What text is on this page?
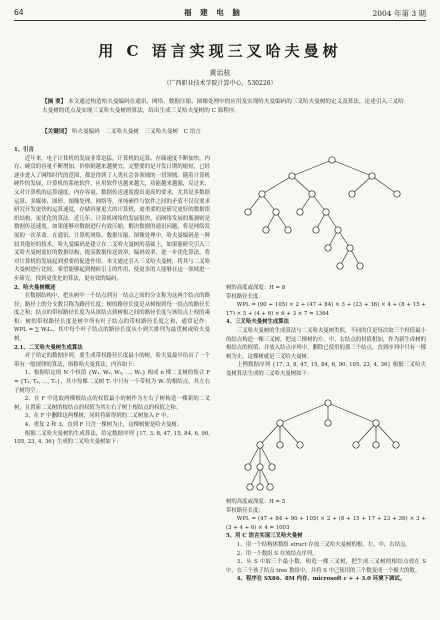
64	福 建 电 脑	2004 年第 3 期
用 C 语言实现三叉哈夫曼树
黄诒杭
（广西职业技术学院计算中心，530226）
【摘 要】 本文通过构造哈夫曼编码在通讯、网络、数据压缩、图像处理中的应用及实现哈夫曼编码的三叉哈夫曼树的定义及算法，论述引入三叉哈夫曼树的优点及实现三叉哈夫曼树的算法，给出生成三叉哈夫曼树的 C 源程序。
【关键词】 哈夫曼编码　二叉哈夫曼树　三叉哈夫曼树　C 语言

1、引言

近年来，电子计算机的发展非常迅猛，计算机的运算、存储速度不断加快，内存、硬盘的容量不断增加，价格则越来越便宜，完整要的是开发日期的缩短，已经逐步进入了网络时代的范围，都是得到了人类社会各领域的一切领域。随着计算机硬件的发展，计算机的系统软件、应用软件也越来越大，功能越来越强，反过来，又对计算机的运算速度、内存容量、数据传送速度提出更高的要求，尤其是多数据运算、多媒体、图形、图像处理、网络等，单纯硬件与软件之间的矛盾不仅仅要求研究开发更快的运算速度，存储容量更大的计算机，更重要的是研究更好的数据组织结构，更优化的算法。近几年，计算机网络的发展很快，而网络发展的瓶颈则是数据传送速度。如果能够对数据进行有效压缩，解决数据的通讯问题，将是网络发展的一次革命。在通讯、计算机网络、数据压缩、图像处理中，哈夫曼编码是一种较其他好的技术，哈夫曼编码是建立在二叉哈夫曼树的基础上，如果能研究引入三叉哈夫曼树更好的数据结构，提高数据传送效率，编码效率，进一步优化算法，将对计算机的发展起到重要的促进作用。本文通过引入三叉哈夫曼树，将其与二叉哈夫曼树进行比较，希望能够起到抛砖引玉的作用，使更多的人能够在这一领域进一步研究，找到更优化的算法，更有效的编码。

2、哈夫曼树概述

在数据结构中，把从树中一个结点到另一结点之间的分支称为这两个结点的路径；路径上的分支数目称为路径长度；树的路径长度是从树根到每一结点的路径长度之和；结点的带权路径长度为从该结点到树根之间的路径长度与该结点上权的乘积；树的带权路径长度是树中所有叶子结点的带权路径长度之和，通常记作：WPL = ∑ WᵢLᵢ，其中每个叶子结点的路径长度从小到大排列为最优树或哈夫曼树。

2.1、二叉哈夫曼树生成算法

对于给定的数据序列，要生成带权路径长度最小的树，哈夫曼最早给出了一个带有一般规律的算法，俗称哈夫曼算法，内容如下：

1、根据给定的 N 个权值 {W₁, W₂, W₃, …, Wₙ} 构成 n 棵二叉树的集合 F = {T₁, T₂, …, Tₙ}，其中每棵二叉树 Tᵢ 中只有一个带权为 Wᵢ 的根结点，其左右子树均空。

2、在 F 中选取两棵根结点的权值最小的树作为左右子树构造一棵新的二叉树，且置新二叉树的根结点的权值为其左右子树上根结点的权值之和。

3、在 F 中删除这两棵树，同时将新得到的二叉树加入 F 中。

4、重复 2 和 3，直到 F 只含一棵树为止，这棵树便是哈夫曼树。

根据二叉哈夫曼树的生成算法，给定数据序列 {17, 3, 8, 47, 15, 84, 6, 90, 105, 23, 4, 36} 生成的二叉哈夫曼树如下：

树的高度或深度：H = 8

带权路径长度：

WPL = (90 + 105) × 2 + (47 + 84) × 3 + (23 + 36) × 4 + (8 + 15 + 17) × 5 + (4 + 6) × 6 + 3 × 7 = 1364

4、三叉哈夫曼树生成算法

三叉哈夫曼树的生成算法与二叉哈夫曼树类似，不同的仅是每次取三个权值最小的结点构造一棵三叉树，把这三棵树的左、中、右结点的权值相加，作为新生成树的根结点的权值，并放入结点序列中，删除已使用的那三个结点，直到序列中只有一棵树为止，这棵树就是三叉哈夫曼树。

上例数据序列 {17, 3, 8, 47, 15, 84, 6, 90, 105, 23, 4, 36} 根据三叉哈夫曼树算法生成的三叉哈夫曼树如下：

树的高度或深度：H = 5

带权路径长度：

WPL = (47 + 84 + 90 + 105) × 2 + (8 + 15 + 17 + 23 + 36) × 3 + (3 + 4 + 6) × 4 = 1003

5、用 C 语言实现三叉哈夫曼树

1、用一个结构体数组 struct 存放三叉哈夫曼树的根、左、中、右结点。

2、用一个数组 S 存放结点序列。

3、从 S 中取三个最小数，构造一棵三叉树，把生成三叉树的根结点放在 S 中，在三个孩子结点 tree 数组中，并将 S 中已使用的三个数变成一个极大的数。

4、程序在 SX86、8M 内存、microsoft c + + 3.0 环境下调试。
